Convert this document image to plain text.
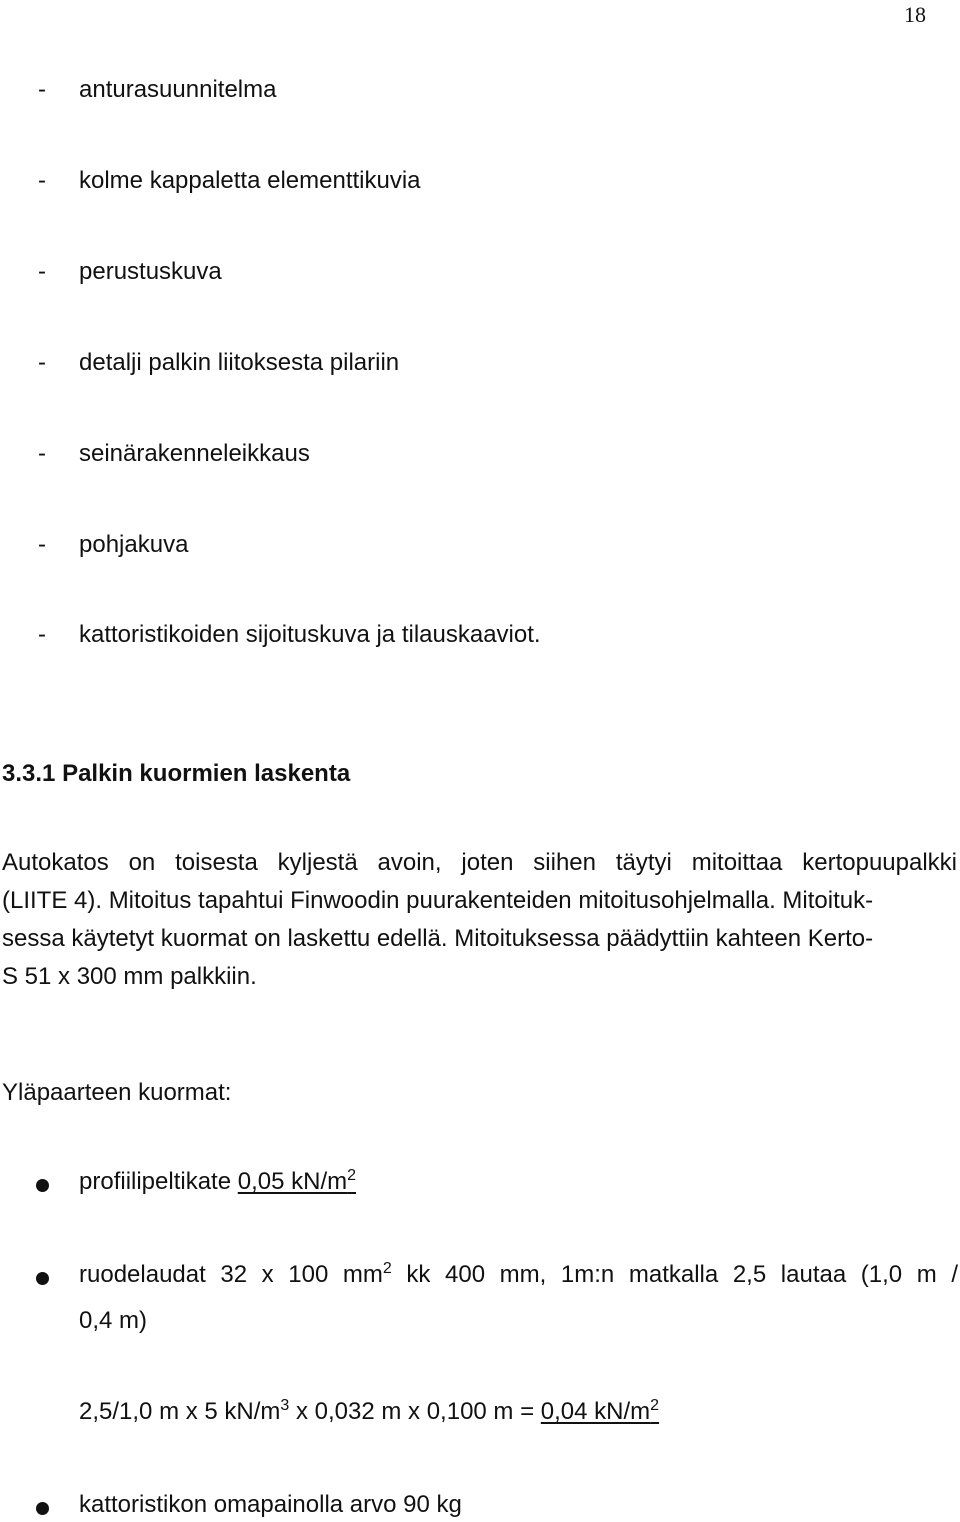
18
- anturasuunnitelma
- kolme kappaletta elementtikuvia
- perustuskuva
- detalji palkin liitoksesta pilariin
- seinärakenneleikkaus
- pohjakuva
- kattoristikoiden sijoituskuva ja tilauskaaviot.
3.3.1 Palkin kuormien laskenta
Autokatos on toisesta kyljestä avoin, joten siihen täytyi mitoittaa kertopuupalkki
(LIITE 4). Mitoitus tapahtui Finwoodin puurakenteiden mitoitusohjelmalla. Mitoituk-
sessa käytetyt kuormat on laskettu edellä. Mitoituksessa päädyttiin kahteen Kerto-
S 51 x 300 mm palkkiin.
Yläpaarteen kuormat:
profiilipeltikate 0,05 $kN/m^2$
ruodelaudat 32 x 100 $mm^2$ kk 400 mm, 1m:n matkalla 2,5 lautaa (1,0 m /
0,4 m)
2,5/1,0 m x 5 $kN/m^3$ x 0,032 m x 0,100 m = 0,04 $kN/m^2$
kattoristikon omapainolla arvo 90 kg
